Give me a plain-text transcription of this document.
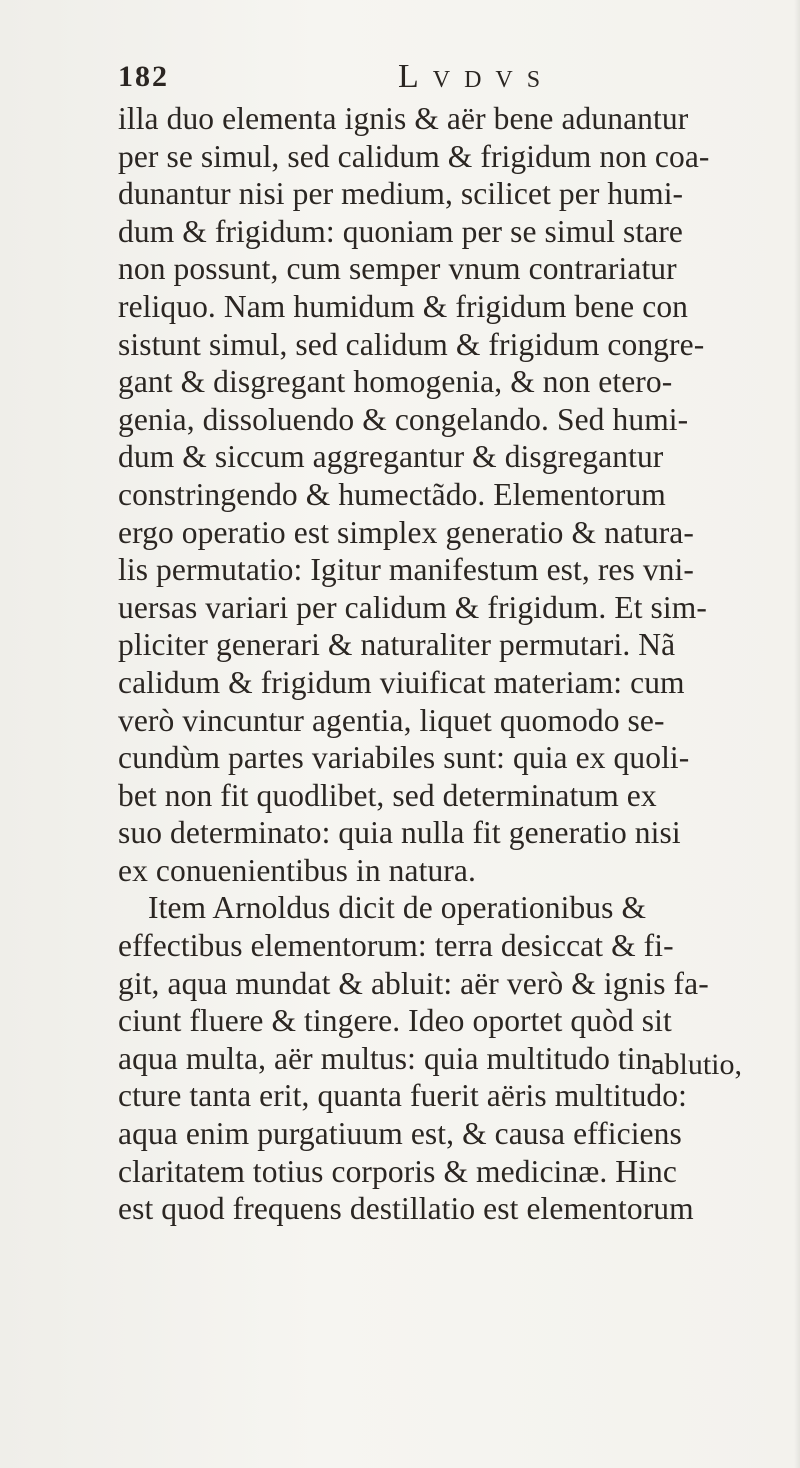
182	Lvdvs
illa duo elementa ignis & aër bene adunantur
per se simul, sed calidum & frigidum non coa-
dunantur nisi per medium, scilicet per humi-
dum & frigidum: quoniam per se simul stare
non possunt, cum semper vnum contrariatur
reliquo. Nam humidum & frigidum bene con
sistunt simul, sed calidum & frigidum congre-
gant & disgregant homogenia, & non etero-
genia, dissoluendo & congelando. Sed humi-
dum & siccum aggregantur & disgregantur
constringendo & humectãdo. Elementorum
ergo operatio est simplex generatio & natura-
lis permutatio: Igitur manifestum est, res vni-
uersas variari per calidum & frigidum. Et sim-
pliciter generari & naturaliter permutari. Nã
calidum & frigidum viuificat materiam: cum
verò vincuntur agentia, liquet quomodo se-
cundùm partes variabiles sunt: quia ex quoli-
bet non fit quodlibet, sed determinatum ex
suo determinato: quia nulla fit generatio nisi
ex conuenientibus in natura.
Item Arnoldus dicit de operationibus &
effectibus elementorum: terra desiccat & fi-
git, aqua mundat & abluit: aër verò & ignis fa-
ciunt fluere & tingere. Ideo oportet quòd sit
aqua multa, aër multus: quia multitudo tin-
cture tanta erit, quanta fuerit aëris multitudo:
aqua enim purgatiuum est, & causa efficiens
claritatem totius corporis & medicinæ. Hinc
est quod frequens destillatio est elementorum
ablutio,
